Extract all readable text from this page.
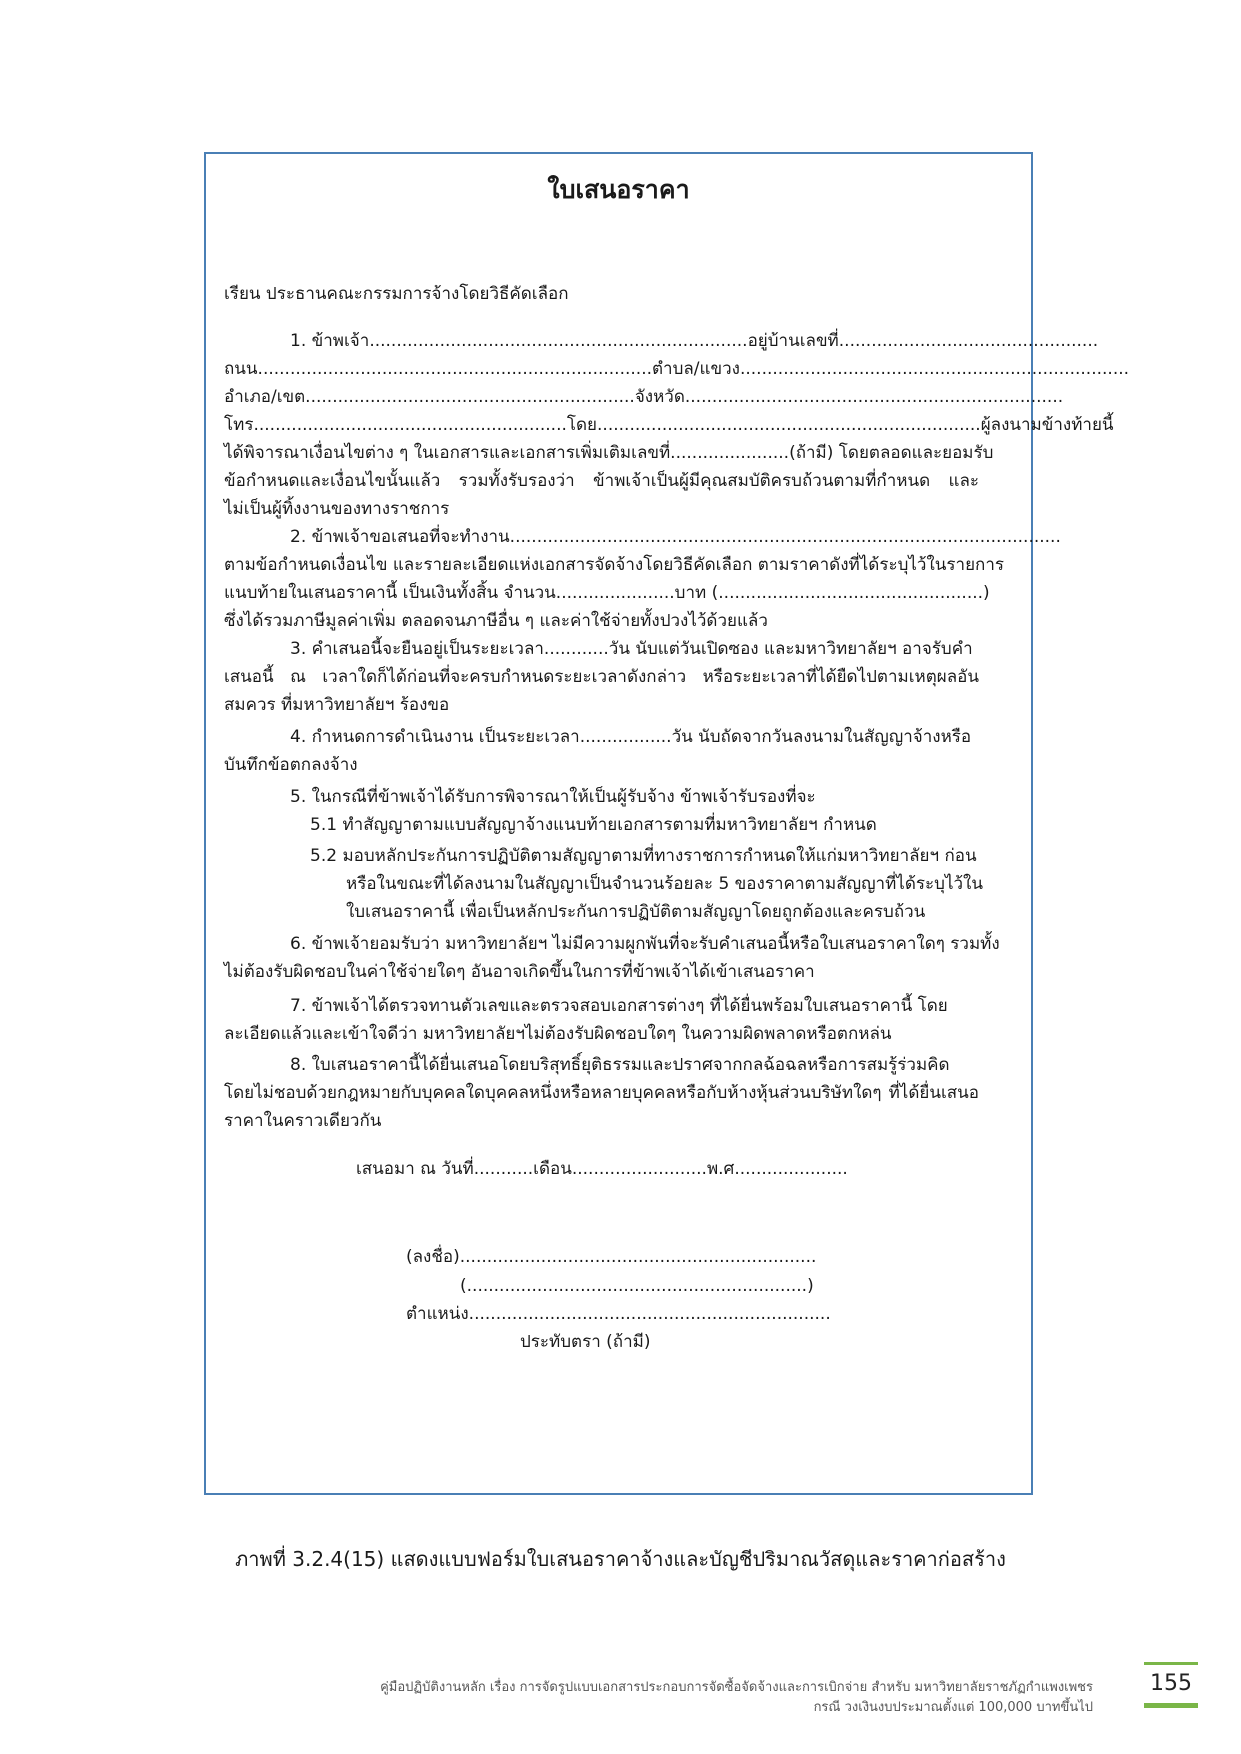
ใบเสนอราคา
เรียน ประธานคณะกรรมการจ้างโดยวิธีคัดเลือก
1. ข้าพเจ้า......................................................................อยู่บ้านเลขที่................................................
ถนน.........................................................................ตำบล/แขวง........................................................................
อำเภอ/เขต.............................................................จังหวัด......................................................................
โทร..........................................................โดย.......................................................................ผู้ลงนามข้างท้ายนี้
ได้พิจารณาเงื่อนไขต่าง ๆ ในเอกสารและเอกสารเพิ่มเติมเลขที่......................(ถ้ามี) โดยตลอดและยอมรับ
ข้อกำหนดและเงื่อนไขนั้นแล้ว รวมทั้งรับรองว่า ข้าพเจ้าเป็นผู้มีคุณสมบัติครบถ้วนตามที่กำหนด และ
ไม่เป็นผู้ทิ้งงานของทางราชการ
2. ข้าพเจ้าขอเสนอที่จะทำงาน......................................................................................................
ตามข้อกำหนดเงื่อนไข และรายละเอียดแห่งเอกสารจัดจ้างโดยวิธีคัดเลือก ตามราคาดังที่ได้ระบุไว้ในรายการ
แนบท้ายในเสนอราคานี้ เป็นเงินทั้งสิ้น จำนวน......................บาท (.................................................)
ซึ่งได้รวมภาษีมูลค่าเพิ่ม ตลอดจนภาษีอื่น ๆ และค่าใช้จ่ายทั้งปวงไว้ด้วยแล้ว
3. คำเสนอนี้จะยืนอยู่เป็นระยะเวลา............วัน นับแต่วันเปิดซอง และมหาวิทยาลัยฯ อาจรับคำ
เสนอนี้ ณ เวลาใดก็ได้ก่อนที่จะครบกำหนดระยะเวลาดังกล่าว หรือระยะเวลาที่ได้ยืดไปตามเหตุผลอัน
สมควร ที่มหาวิทยาลัยฯ ร้องขอ
4. กำหนดการดำเนินงาน เป็นระยะเวลา.................วัน นับถัดจากวันลงนามในสัญญาจ้างหรือ
บันทึกข้อตกลงจ้าง
5. ในกรณีที่ข้าพเจ้าได้รับการพิจารณาให้เป็นผู้รับจ้าง ข้าพเจ้ารับรองที่จะ
5.1 ทำสัญญาตามแบบสัญญาจ้างแนบท้ายเอกสารตามที่มหาวิทยาลัยฯ กำหนด
5.2 มอบหลักประกันการปฏิบัติตามสัญญาตามที่ทางราชการกำหนดให้แก่มหาวิทยาลัยฯ ก่อน
หรือในขณะที่ได้ลงนามในสัญญาเป็นจำนวนร้อยละ 5 ของราคาตามสัญญาที่ได้ระบุไว้ใน
ใบเสนอราคานี้ เพื่อเป็นหลักประกันการปฏิบัติตามสัญญาโดยถูกต้องและครบถ้วน
6. ข้าพเจ้ายอมรับว่า มหาวิทยาลัยฯ ไม่มีความผูกพันที่จะรับคำเสนอนี้หรือใบเสนอราคาใดๆ รวมทั้ง
ไม่ต้องรับผิดชอบในค่าใช้จ่ายใดๆ อันอาจเกิดขึ้นในการที่ข้าพเจ้าได้เข้าเสนอราคา
7. ข้าพเจ้าได้ตรวจทานตัวเลขและตรวจสอบเอกสารต่างๆ ที่ได้ยื่นพร้อมใบเสนอราคานี้ โดย
ละเอียดแล้วและเข้าใจดีว่า มหาวิทยาลัยฯไม่ต้องรับผิดชอบใดๆ ในความผิดพลาดหรือตกหล่น
8. ใบเสนอราคานี้ได้ยื่นเสนอโดยบริสุทธิ์ยุติธรรมและปราศจากกลฉ้อฉลหรือการสมรู้ร่วมคิด
โดยไม่ชอบด้วยกฎหมายกับบุคคลใดบุคคลหนึ่งหรือหลายบุคคลหรือกับห้างหุ้นส่วนบริษัทใดๆ ที่ได้ยื่นเสนอ
ราคาในคราวเดียวกัน
เสนอมา ณ วันที่...........เดือน.........................พ.ศ.....................
(ลงชื่อ)..................................................................
(...............................................................)
ตำแหน่ง...................................................................
ประทับตรา (ถ้ามี)
ภาพที่ 3.2.4(15) แสดงแบบฟอร์มใบเสนอราคาจ้างและบัญชีปริมาณวัสดุและราคาก่อสร้าง
คู่มือปฏิบัติงานหลัก เรื่อง การจัดรูปแบบเอกสารประกอบการจัดซื้อจัดจ้างและการเบิกจ่าย สำหรับ มหาวิทยาลัยราชภัฏกำแพงเพชร
กรณี วงเงินงบประมาณตั้งแต่ 100,000 บาทขึ้นไป
155
